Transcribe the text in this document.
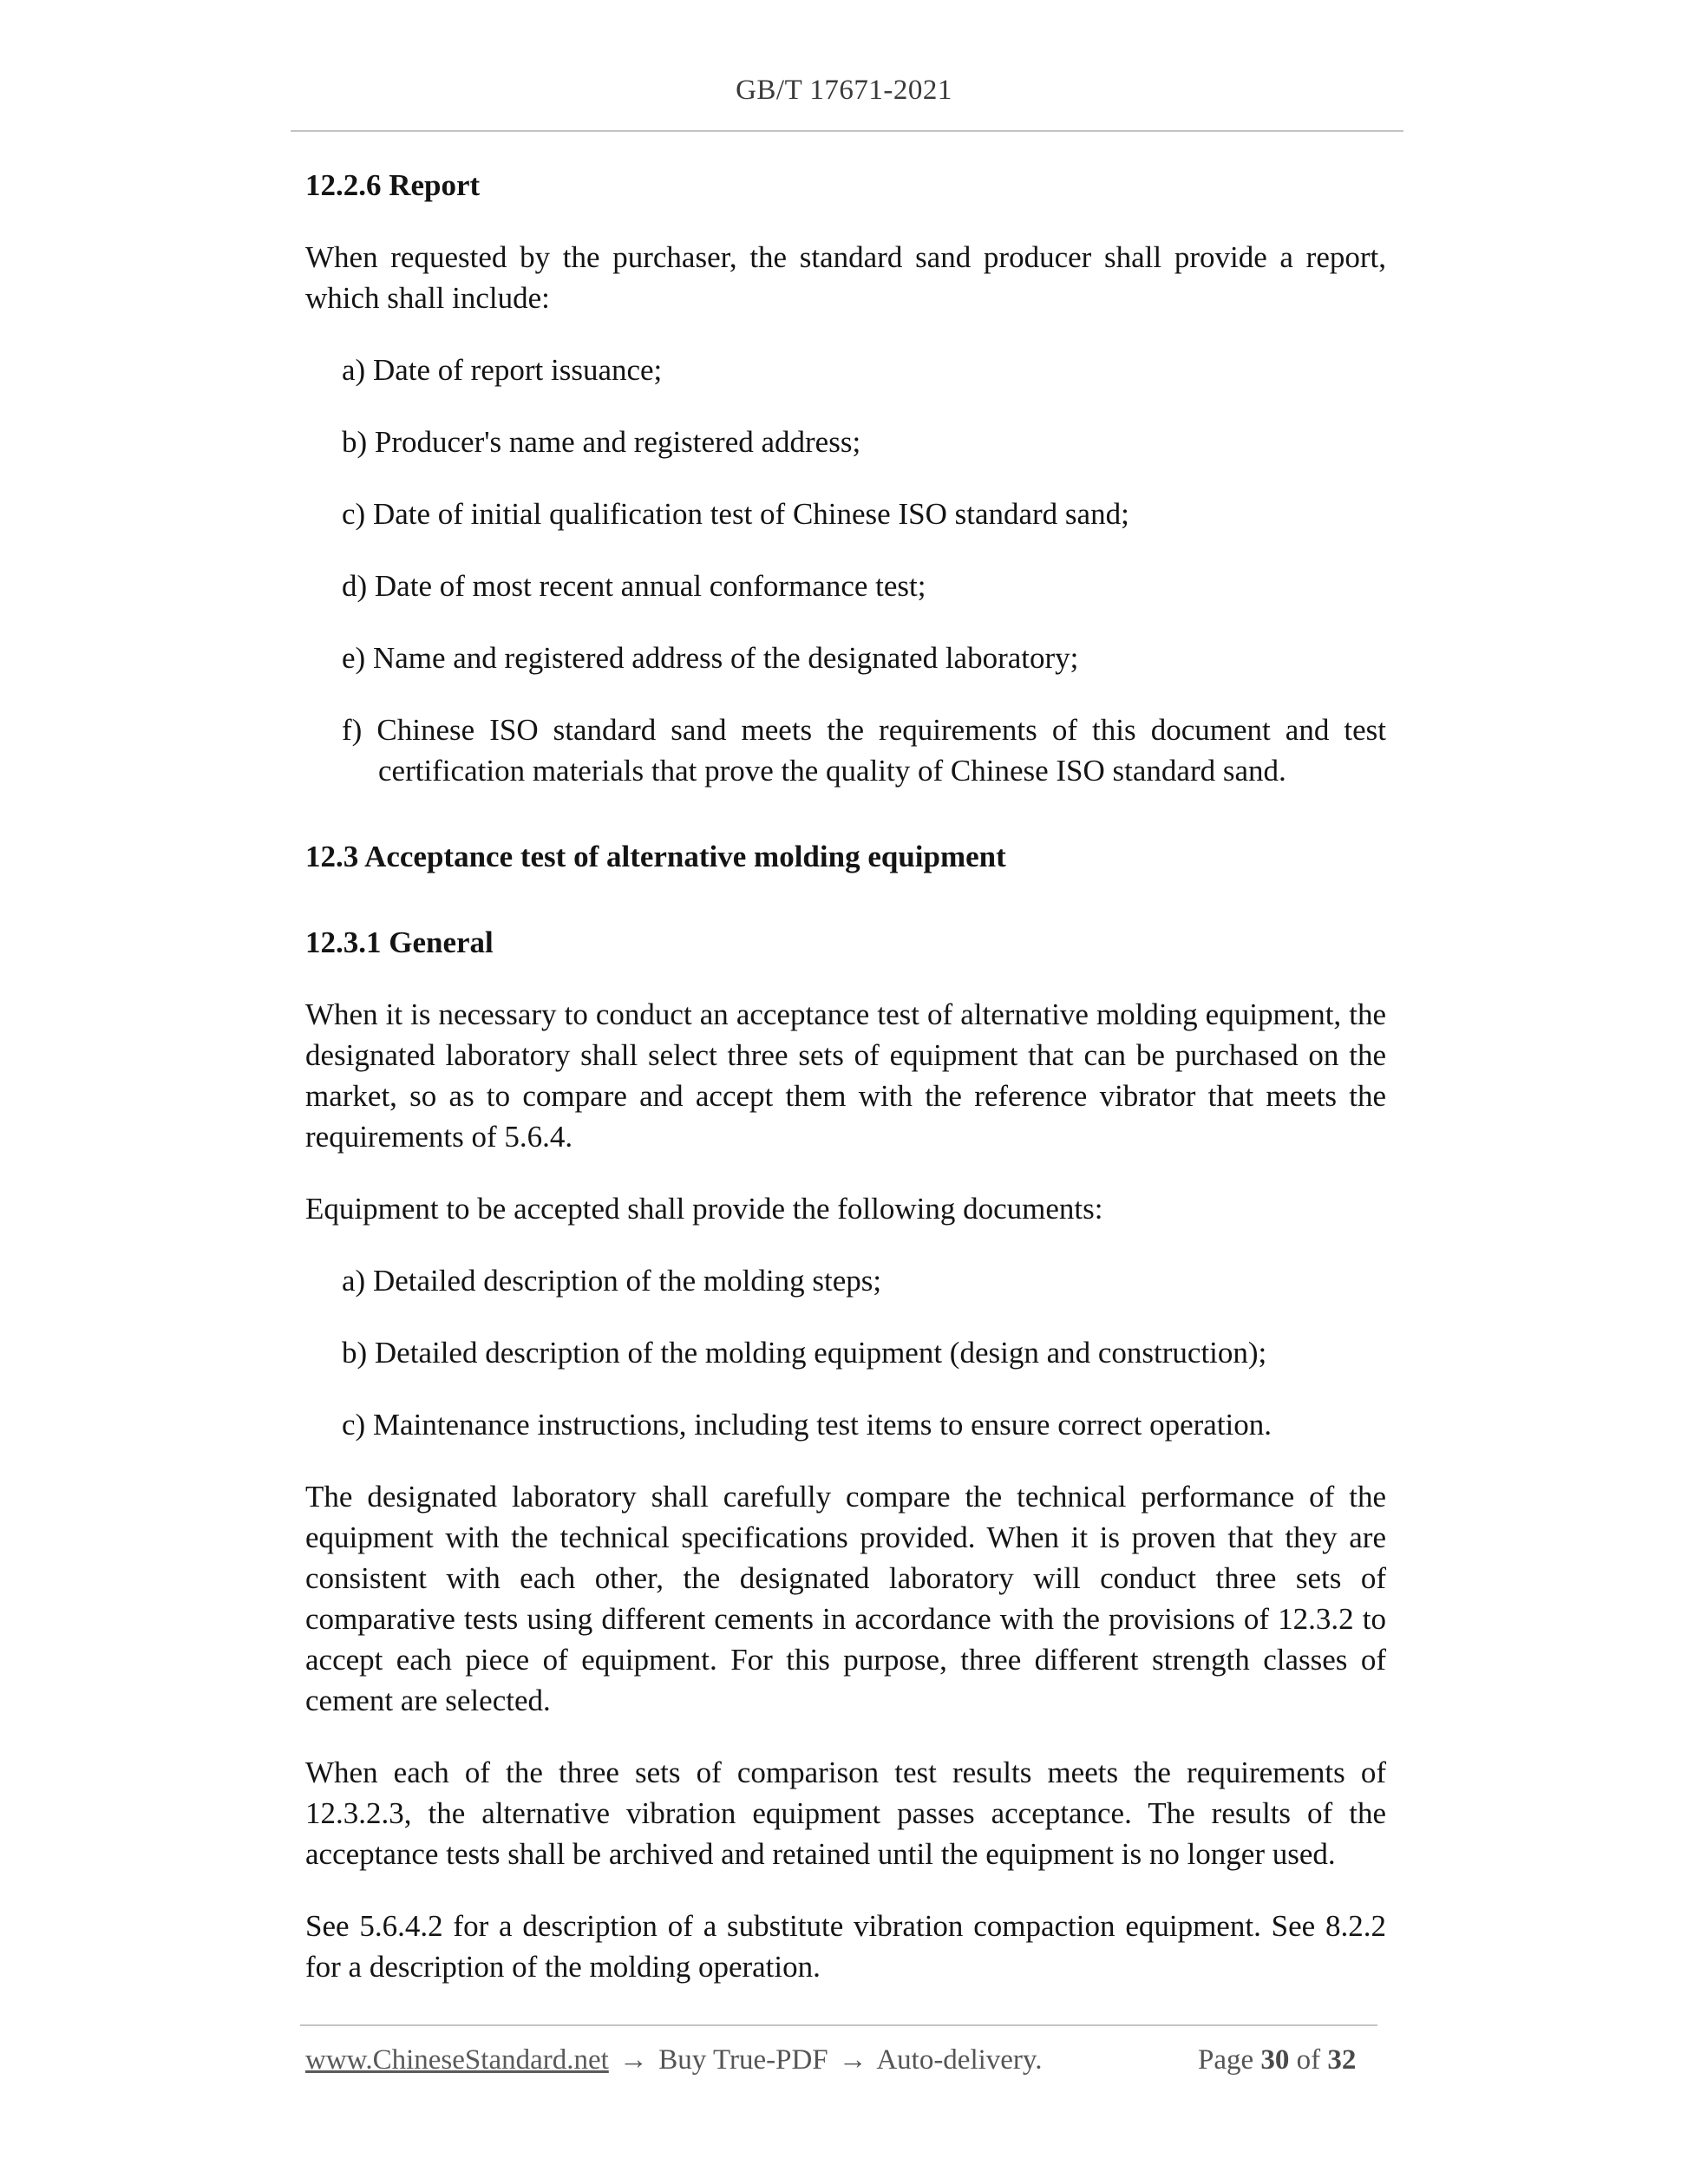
GB/T 17671-2021

12.2.6 Report

When requested by the purchaser, the standard sand producer shall provide a report, which shall include:

a) Date of report issuance;

b) Producer's name and registered address;

c) Date of initial qualification test of Chinese ISO standard sand;

d) Date of most recent annual conformance test;

e) Name and registered address of the designated laboratory;

f) Chinese ISO standard sand meets the requirements of this document and test certification materials that prove the quality of Chinese ISO standard sand.

12.3 Acceptance test of alternative molding equipment

12.3.1 General

When it is necessary to conduct an acceptance test of alternative molding equipment, the designated laboratory shall select three sets of equipment that can be purchased on the market, so as to compare and accept them with the reference vibrator that meets the requirements of 5.6.4.

Equipment to be accepted shall provide the following documents:

a) Detailed description of the molding steps;

b) Detailed description of the molding equipment (design and construction);

c) Maintenance instructions, including test items to ensure correct operation.

The designated laboratory shall carefully compare the technical performance of the equipment with the technical specifications provided. When it is proven that they are consistent with each other, the designated laboratory will conduct three sets of comparative tests using different cements in accordance with the provisions of 12.3.2 to accept each piece of equipment. For this purpose, three different strength classes of cement are selected.

When each of the three sets of comparison test results meets the requirements of 12.3.2.3, the alternative vibration equipment passes acceptance. The results of the acceptance tests shall be archived and retained until the equipment is no longer used.

See 5.6.4.2 for a description of a substitute vibration compaction equipment. See 8.2.2 for a description of the molding operation.

www.ChineseStandard.net → Buy True-PDF → Auto-delivery.	Page 30 of 32
